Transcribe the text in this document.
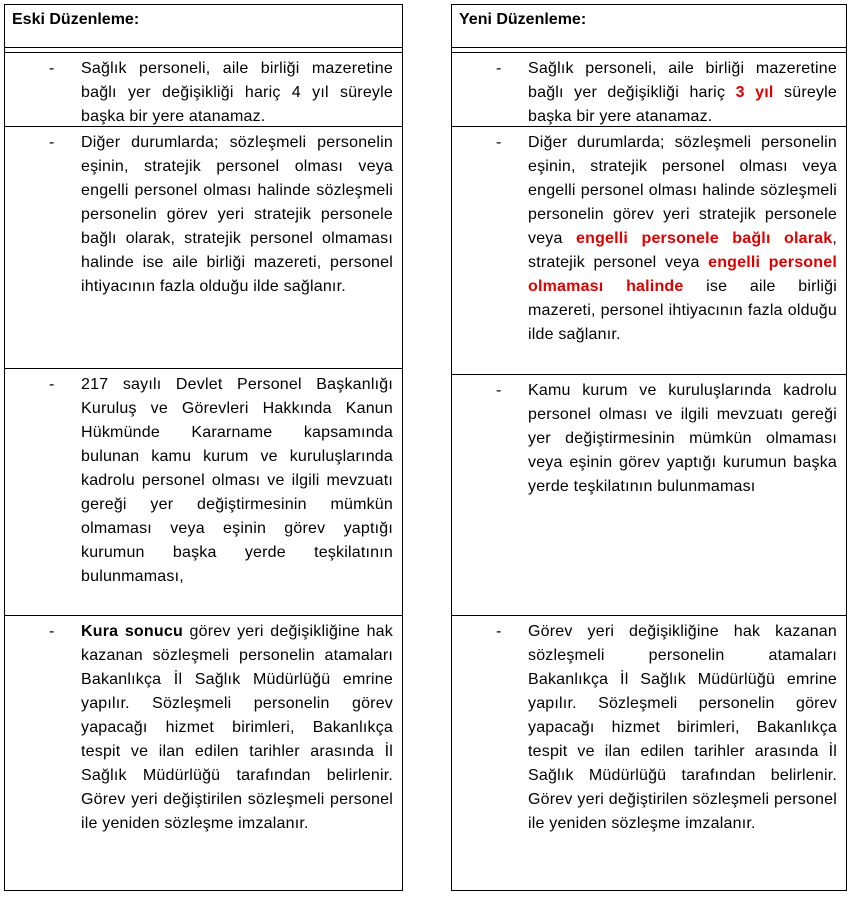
Eski Düzenleme:
- Sağlık personeli, aile birliği mazeretine bağlı yer değişikliği hariç 4 yıl süreyle başka bir yere atanamaz.
- Diğer durumlarda; sözleşmeli personelin eşinin, stratejik personel olması veya engelli personel olması halinde sözleşmeli personelin görev yeri stratejik personele bağlı olarak, stratejik personel olmaması halinde ise aile birliği mazereti, personel ihtiyacının fazla olduğu ilde sağlanır.
- 217 sayılı Devlet Personel Başkanlığı Kuruluş ve Görevleri Hakkında Kanun Hükmünde Kararname kapsamında bulunan kamu kurum ve kuruluşlarında kadrolu personel olması ve ilgili mevzuatı gereği yer değiştirmesinin mümkün olmaması veya eşinin görev yaptığı kurumun başka yerde teşkilatının bulunmaması,
- Kura sonucu görev yeri değişikliğine hak kazanan sözleşmeli personelin atamaları Bakanlıkça İl Sağlık Müdürlüğü emrine yapılır. Sözleşmeli personelin görev yapacağı hizmet birimleri, Bakanlıkça tespit ve ilan edilen tarihler arasında İl Sağlık Müdürlüğü tarafından belirlenir. Görev yeri değiştirilen sözleşmeli personel ile yeniden sözleşme imzalanır.
Yeni Düzenleme:
- Sağlık personeli, aile birliği mazeretine bağlı yer değişikliği hariç 3 yıl süreyle başka bir yere atanamaz.
- Diğer durumlarda; sözleşmeli personelin eşinin, stratejik personel olması veya engelli personel olması halinde sözleşmeli personelin görev yeri stratejik personele veya engelli personele bağlı olarak, stratejik personel veya engelli personel olmaması halinde ise aile birliği mazereti, personel ihtiyacının fazla olduğu ilde sağlanır.
- Kamu kurum ve kuruluşlarında kadrolu personel olması ve ilgili mevzuatı gereği yer değiştirmesinin mümkün olmaması veya eşinin görev yaptığı kurumun başka yerde teşkilatının bulunmaması
- Görev yeri değişikliğine hak kazanan sözleşmeli personelin atamaları Bakanlıkça İl Sağlık Müdürlüğü emrine yapılır. Sözleşmeli personelin görev yapacağı hizmet birimleri, Bakanlıkça tespit ve ilan edilen tarihler arasında İl Sağlık Müdürlüğü tarafından belirlenir. Görev yeri değiştirilen sözleşmeli personel ile yeniden sözleşme imzalanır.
